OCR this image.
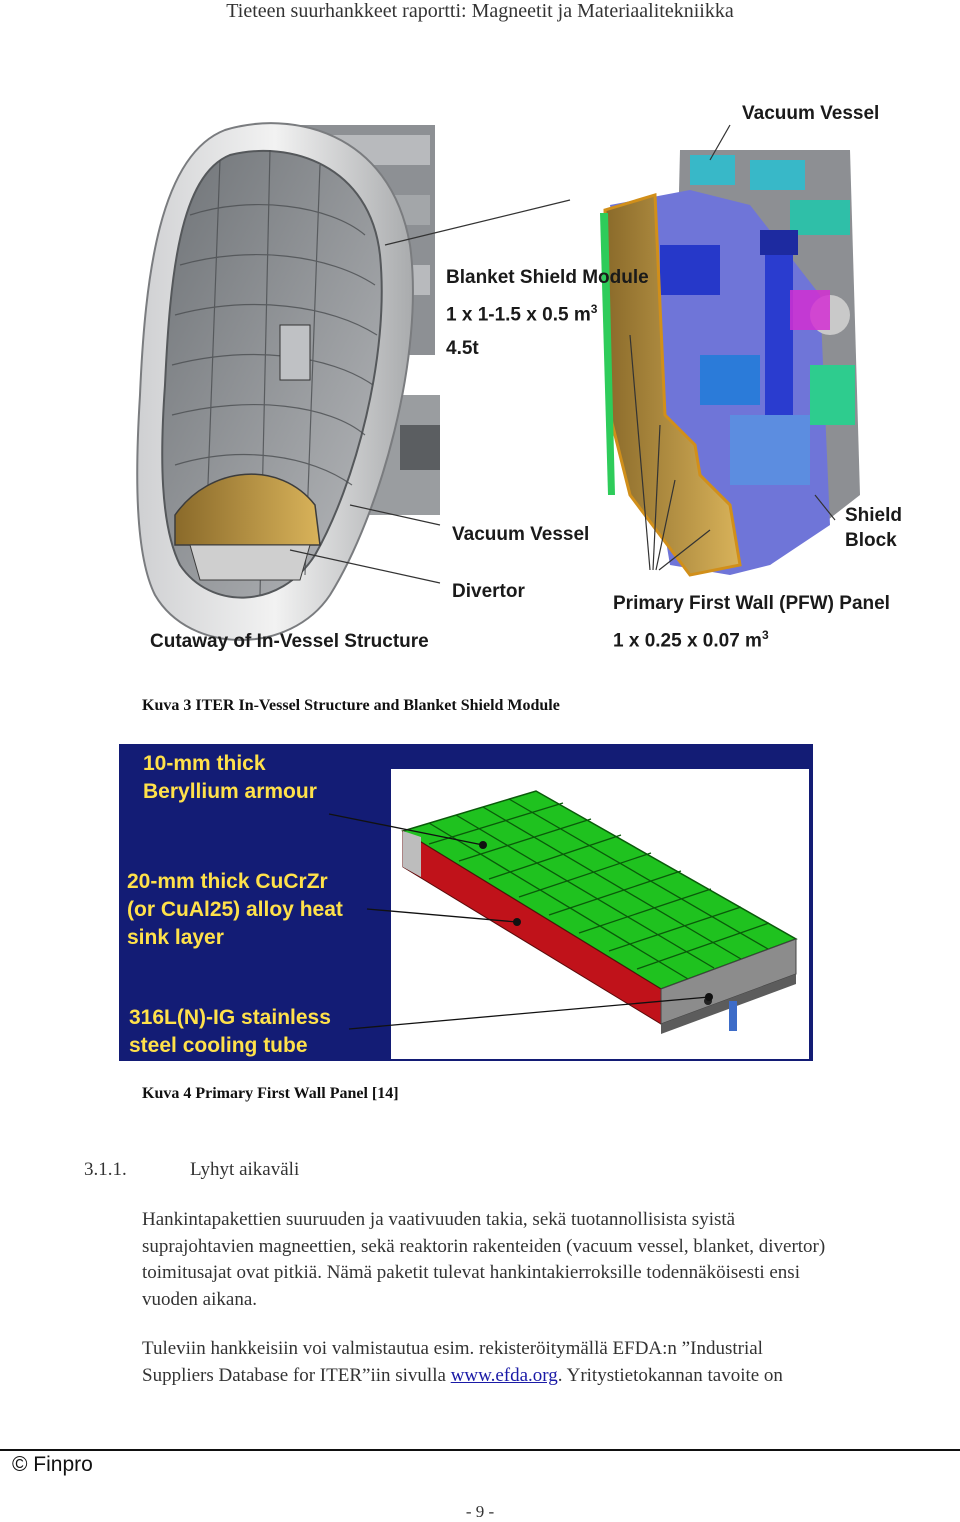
Tieteen suurhankkeet raportti: Magneetit ja Materiaalitekniikka
Vacuum Vessel
Blanket Shield Module
1 x 1-1.5 x 0.5 $m^3$
4.5t
Vacuum Vessel
Divertor
Cutaway of In-Vessel Structure
Shield
Block
Primary First Wall (PFW) Panel
1 x 0.25 x 0.07 $m^3$
Kuva 3 ITER In-Vessel Structure and Blanket Shield Module
10-mm thick
Beryllium armour
20-mm thick CuCrZr
(or CuAl25) alloy heat
sink layer
316L(N)-IG stainless
steel cooling tube
Kuva 4 Primary First Wall Panel [14]
3.1.1.	Lyhyt aikaväli
Hankintapakettien suuruuden ja vaativuuden takia, sekä tuotannollisista syistä
suprajohtavien magneettien, sekä reaktorin rakenteiden (vacuum vessel, blanket, divertor)
toimitusajat ovat pitkiä. Nämä paketit tulevat hankintakierroksille todennäköisesti ensi
vuoden aikana.
Tuleviin hankkeisiin voi valmistautua esim. rekisteröitymällä EFDA:n ”Industrial
Suppliers Database for ITER”iin sivulla www.efda.org. Yritystietokannan tavoite on
© Finpro
- 9 -
